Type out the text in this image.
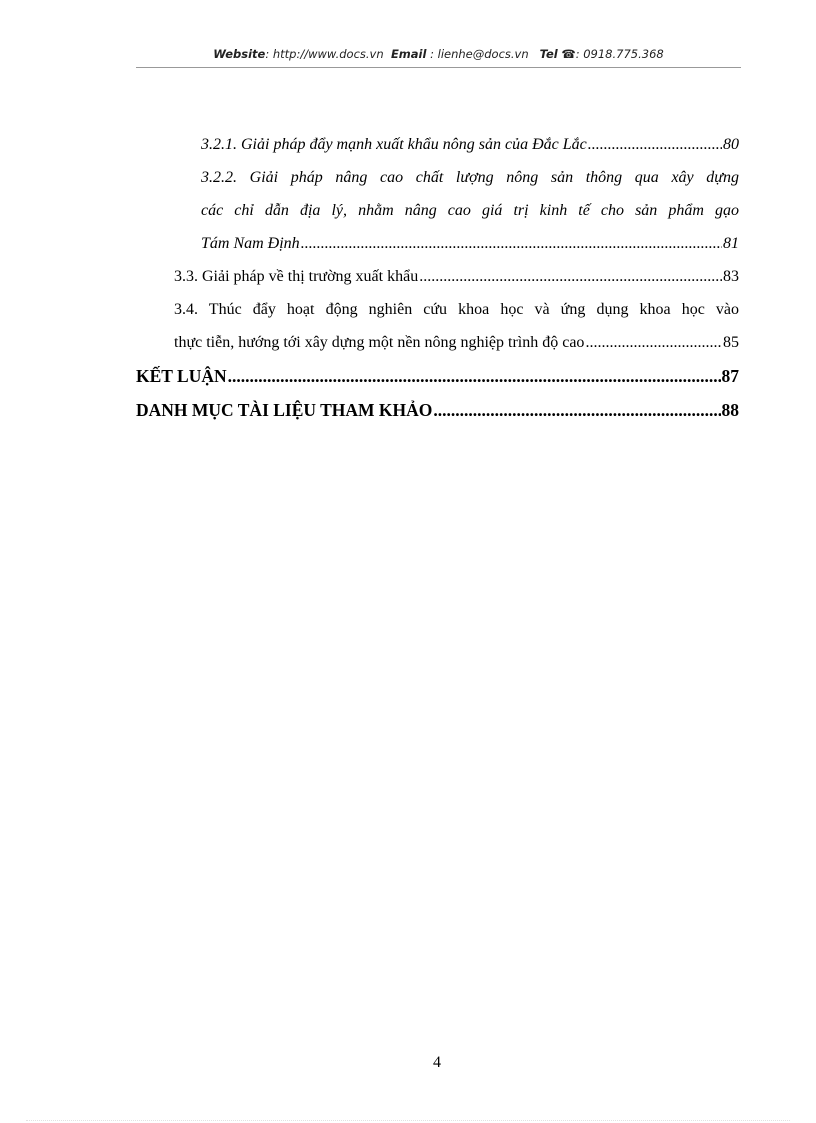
Website: http://www.docs.vn Email : lienhe@docs.vn Tel ☎: 0918.775.368
3.2.1. Giải pháp đẩy mạnh xuất khẩu nông sản của Đắc Lắc .....	80
3.2.2. Giải pháp nâng cao chất lượng nông sản thông qua xây dựng
các chỉ dẫn địa lý, nhằm nâng cao giá trị kinh tế cho sản phẩm gạo
Tám Nam Định .....	81
3.3. Giải pháp về thị trường xuất khẩu .....	83
3.4. Thúc đẩy hoạt động nghiên cứu khoa học và ứng dụng khoa học vào
thực tiễn, hướng tới xây dựng một nền nông nghiệp trình độ cao .....	85
KẾT LUẬN .....	87
DANH MỤC TÀI LIỆU THAM KHẢO .....	88
4
